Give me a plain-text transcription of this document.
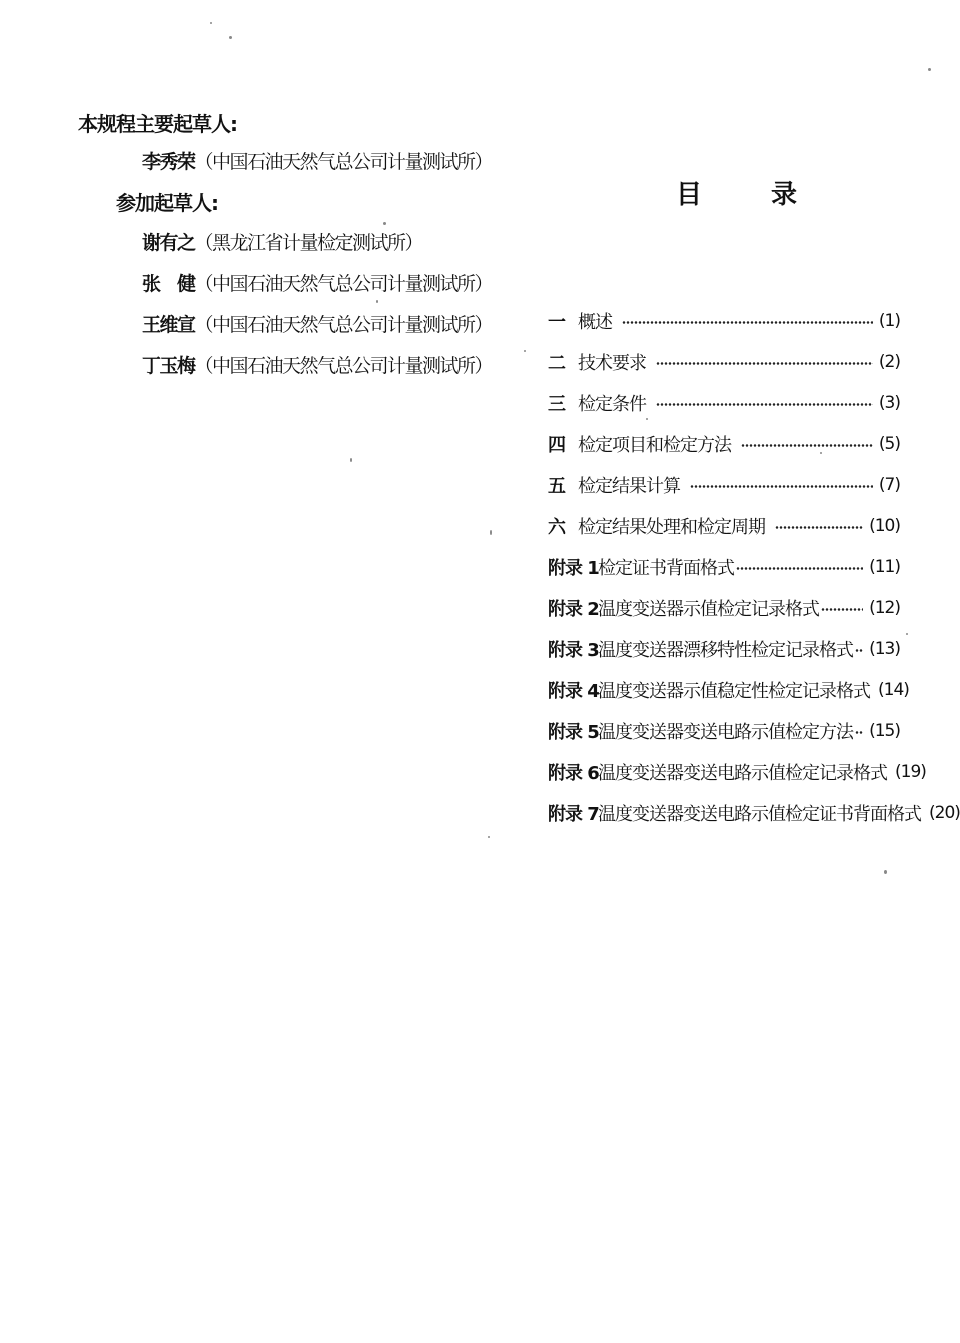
本规程主要起草人:
李秀荣（中国石油天然气总公司计量测试所）
参加起草人:
谢有之（黑龙江省计量检定测试所）
张　健（中国石油天然气总公司计量测试所）
王维宣（中国石油天然气总公司计量测试所）
丁玉梅（中国石油天然气总公司计量测试所）
目 录
一 概述	(1)
二 技术要求	(2)
三 检定条件	(3)
四 检定项目和检定方法	(5)
五 检定结果计算	(7)
六 检定结果处理和检定周期	(10)
附录 1 检定证书背面格式	(11)
附录 2 温度变送器示值检定记录格式	(12)
附录 3 温度变送器漂移特性检定记录格式 (13)
附录 4 温度变送器示值稳定性检定记录格式 (14)
附录 5 温度变送器变送电路示值检定方法 (15)
附录 6 温度变送器变送电路示值检定记录格式 (19)
附录 7 温度变送器变送电路示值检定证书背面格式 (20)
